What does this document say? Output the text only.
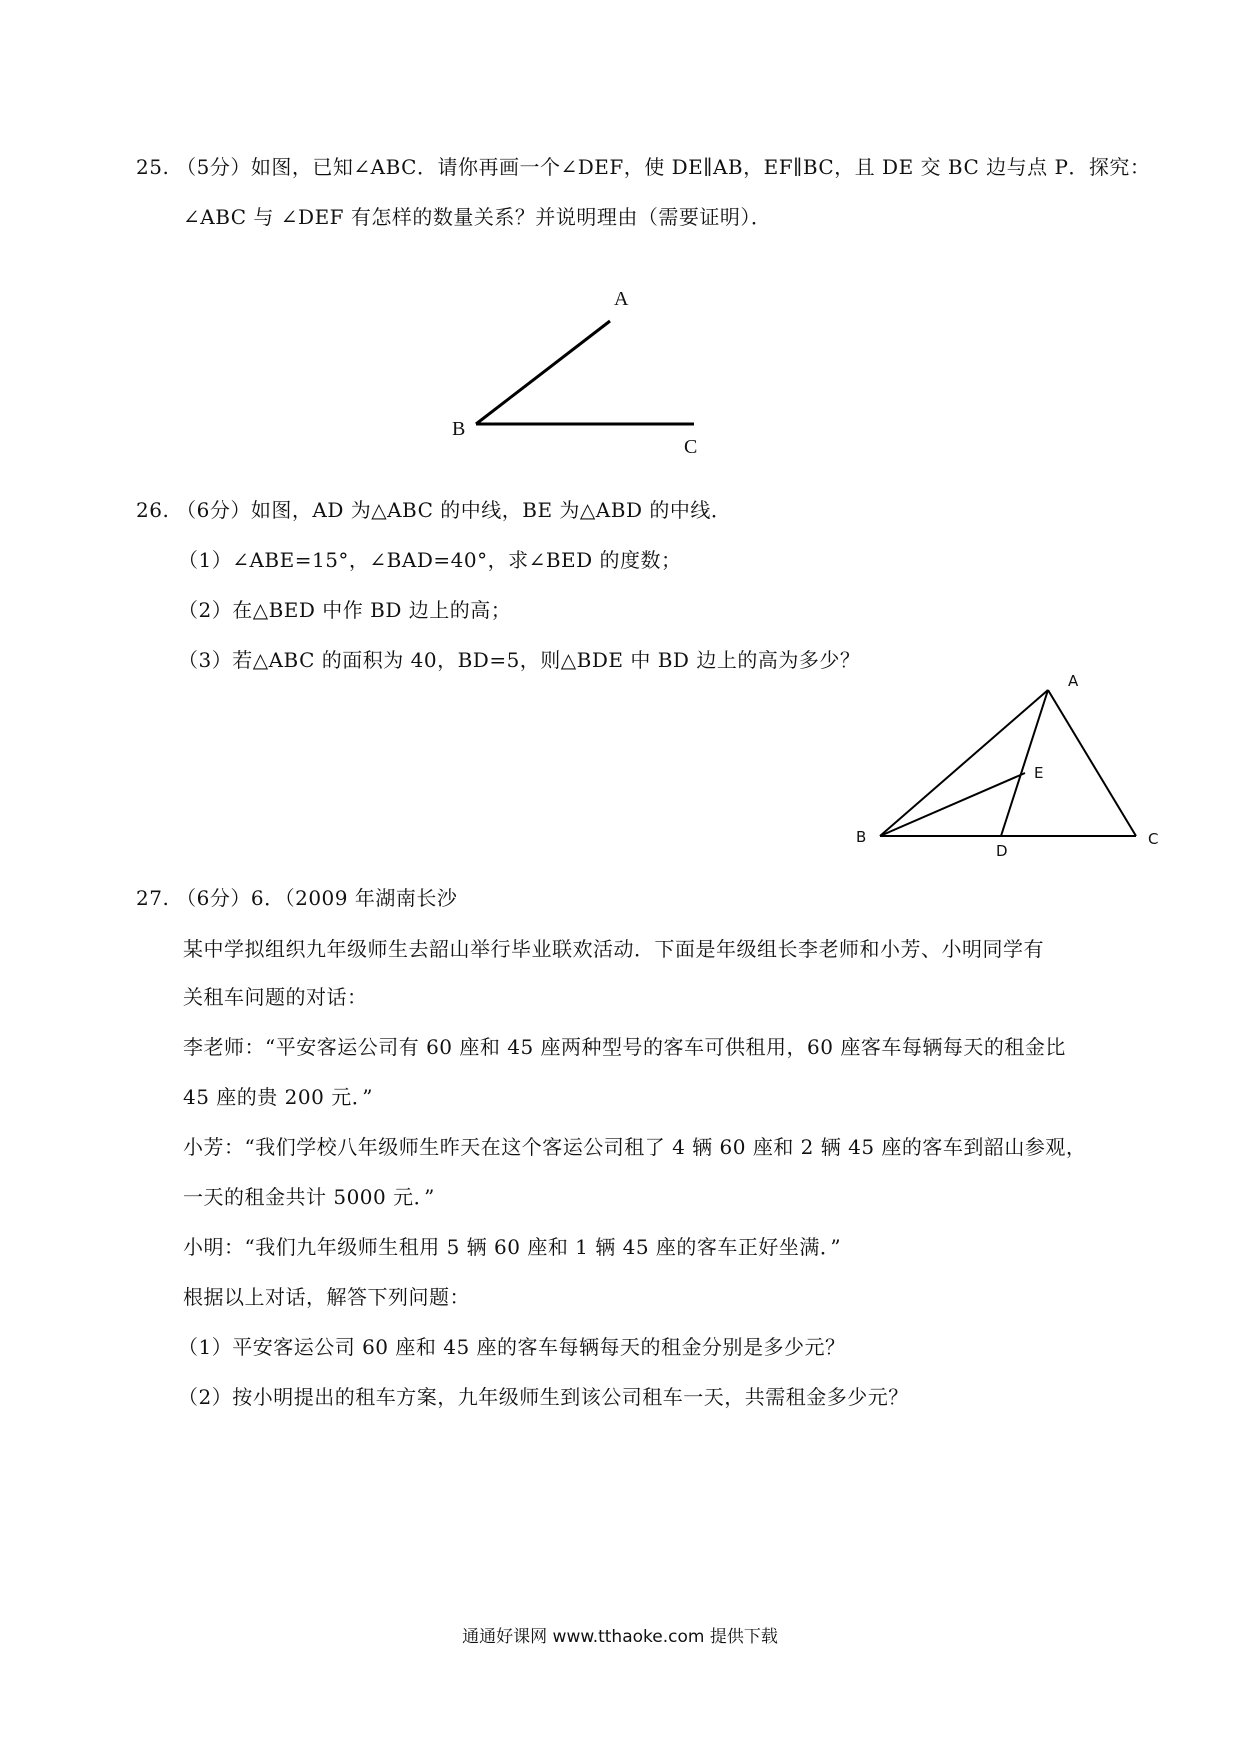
25. （5分）如图，已知∠ABC．请你再画一个∠DEF，使 DE∥AB，EF∥BC，且 DE 交 BC 边与点 P．探究：
∠ABC 与 ∠DEF 有怎样的数量关系？并说明理由（需要证明）．
A
B
C
26. （6分）如图，AD 为△ABC 的中线，BE 为△ABD 的中线．
（1）∠ABE=15°，∠BAD=40°，求∠BED 的度数；
（2）在△BED 中作 BD 边上的高；
（3）若△ABC 的面积为 40，BD=5，则△BDE 中 BD 边上的高为多少？
A
E
B
D
C
27. （6分）6．（2009 年湖南长沙
某中学拟组织九年级师生去韶山举行毕业联欢活动．下面是年级组长李老师和小芳、小明同学有
关租车问题的对话：
李老师：“平安客运公司有 60 座和 45 座两种型号的客车可供租用，60 座客车每辆每天的租金比
45 座的贵 200 元．”
小芳：“我们学校八年级师生昨天在这个客运公司租了 4 辆 60 座和 2 辆 45 座的客车到韶山参观，
一天的租金共计 5000 元．”
小明：“我们九年级师生租用 5 辆 60 座和 1 辆 45 座的客车正好坐满．”
根据以上对话，解答下列问题：
（1）平安客运公司 60 座和 45 座的客车每辆每天的租金分别是多少元？
（2）按小明提出的租车方案，九年级师生到该公司租车一天，共需租金多少元？
通通好课网 www.tthaoke.com 提供下载
